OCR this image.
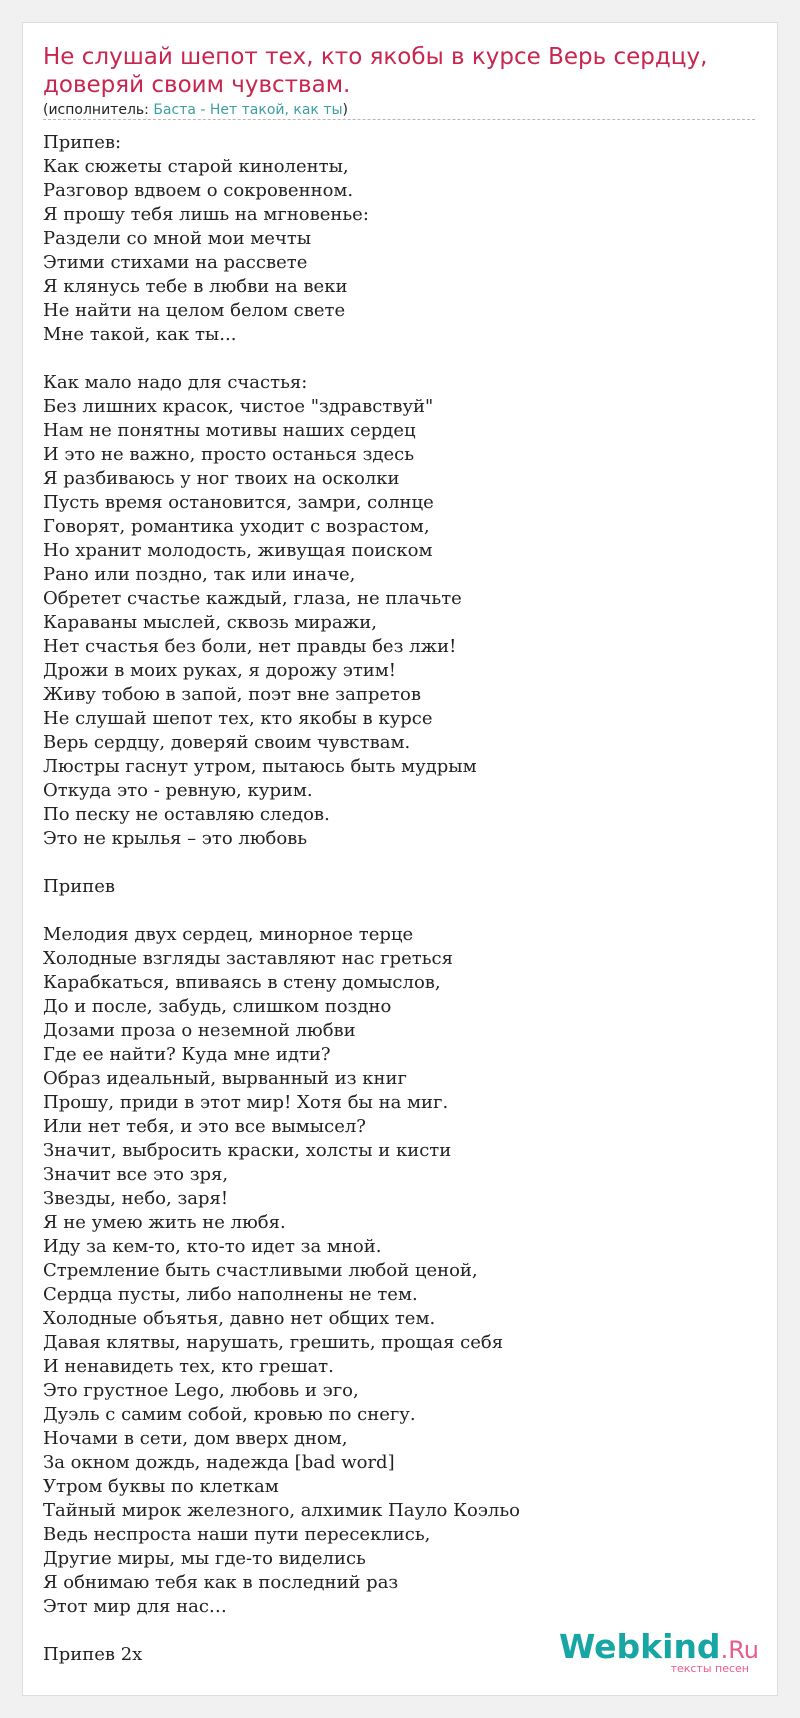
Не слушай шепот тех, кто якобы в курсе Верь сердцу, доверяй своим чувствам.
(исполнитель: Баста - Нет такой, как ты)
Припев:
Как сюжеты старой киноленты,
Разговор вдвоем о сокровенном.
Я прошу тебя лишь на мгновенье:
Раздели со мной мои мечты
Этими стихами на рассвете
Я клянусь тебе в любви на веки
Не найти на целом белом свете
Мне такой, как ты...

Как мало надо для счастья:
Без лишних красок, чистое "здравствуй"
Нам не понятны мотивы наших сердец
И это не важно, просто останься здесь
Я разбиваюсь у ног твоих на осколки
Пусть время остановится, замри, солнце
Говорят, романтика уходит с возрастом,
Но хранит молодость, живущая поиском
Рано или поздно, так или иначе,
Обретет счастье каждый, глаза, не плачьте
Караваны мыслей, сквозь миражи,
Нет счастья без боли, нет правды без лжи!
Дрожи в моих руках, я дорожу этим!
Живу тобою в запой, поэт вне запретов
Не слушай шепот тех, кто якобы в курсе
Верь сердцу, доверяй своим чувствам.
Люстры гаснут утром, пытаюсь быть мудрым
Откуда это - ревную, курим.
По песку не оставляю следов.
Это не крылья – это любовь

Припев

Мелодия двух сердец, минорное терце
Холодные взгляды заставляют нас греться
Карабкаться, впиваясь в стену домыслов,
До и после, забудь, слишком поздно
Дозами проза о неземной любви
Где ее найти? Куда мне идти?
Образ идеальный, вырванный из книг
Прошу, приди в этот мир! Хотя бы на миг.
Или нет тебя, и это все вымысел?
Значит, выбросить краски, холсты и кисти
Значит все это зря,
Звезды, небо, заря!
Я не умею жить не любя.
Иду за кем-то, кто-то идет за мной.
Стремление быть счастливыми любой ценой,
Сердца пусты, либо наполнены не тем.
Холодные объятья, давно нет общих тем.
Давая клятвы, нарушать, грешить, прощая себя
И ненавидеть тех, кто грешат.
Это грустное Lego, любовь и эго,
Дуэль с самим собой, кровью по снегу.
Ночами в сети, дом вверх дном,
За окном дождь, надежда [bad word]
Утром буквы по клеткам
Тайный мирок железного, алхимик Пауло Коэльо
Ведь неспроста наши пути пересеклись,
Другие миры, мы где-то виделись
Я обнимаю тебя как в последний раз
Этот мир для нас…

Припев 2x	Webkind.Ru
тексты песен
